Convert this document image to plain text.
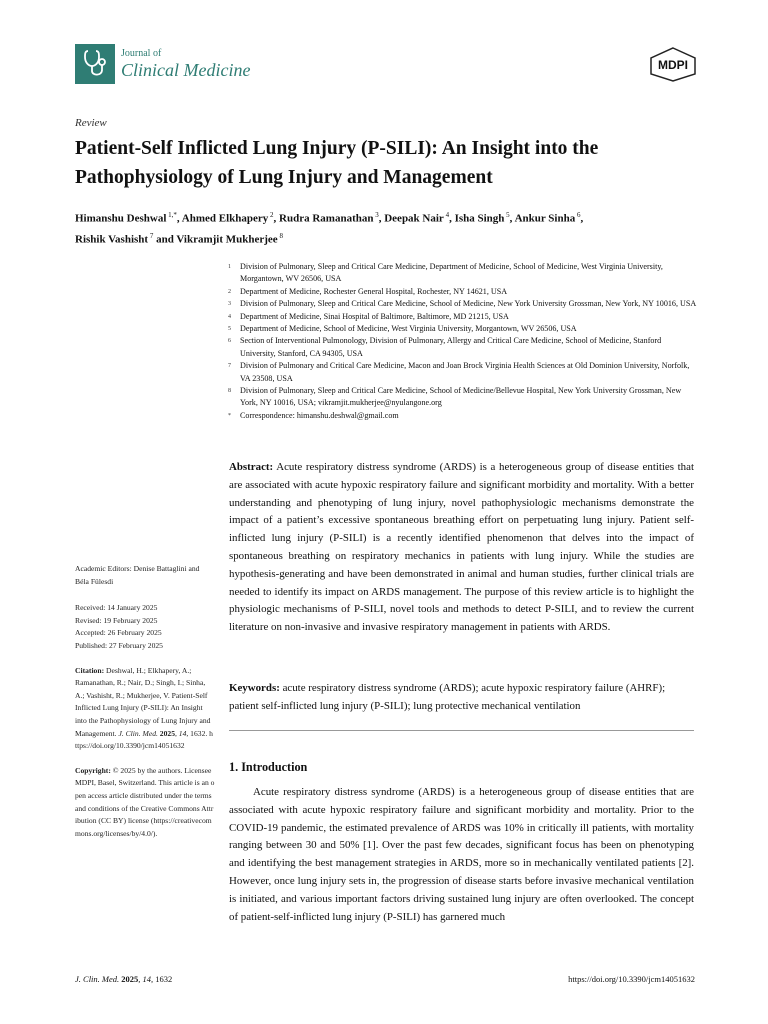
Journal of
Clinical Medicine	MDPI
Review
Patient-Self Inflicted Lung Injury (P-SILI): An Insight into the Pathophysiology of Lung Injury and Management
Himanshu Deshwal $^{1,*}$, Ahmed Elkhapery $^2$, Rudra Ramanathan $^3$, Deepak Nair $^4$, Isha Singh $^5$, Ankur Sinha $^6$,
Rishik Vashisht $^7$ and Vikramjit Mukherjee $^8$
1	Division of Pulmonary, Sleep and Critical Care Medicine, Department of Medicine, School of Medicine, West Virginia University, Morgantown, WV 26506, USA
2	Department of Medicine, Rochester General Hospital, Rochester, NY 14621, USA
3	Division of Pulmonary, Sleep and Critical Care Medicine, School of Medicine, New York University Grossman, New York, NY 10016, USA
4	Department of Medicine, Sinai Hospital of Baltimore, Baltimore, MD 21215, USA
5	Department of Medicine, School of Medicine, West Virginia University, Morgantown, WV 26506, USA
6	Section of Interventional Pulmonology, Division of Pulmonary, Allergy and Critical Care Medicine, School of Medicine, Stanford University, Stanford, CA 94305, USA
7	Division of Pulmonary and Critical Care Medicine, Macon and Joan Brock Virginia Health Sciences at Old Dominion University, Norfolk, VA 23508, USA
8	Division of Pulmonary, Sleep and Critical Care Medicine, School of Medicine/Bellevue Hospital, New York University Grossman, New York, NY 10016, USA; vikramjit.mukherjee@nyulangone.org
*	Correspondence: himanshu.deshwal@gmail.com

Academic Editors: Denise Battaglini and Béla Fülesdi

Received: 14 January 2025

Revised: 19 February 2025

Accepted: 26 February 2025

Published: 27 February 2025

Citation: Deshwal, H.; Elkhapery, A.; Ramanathan, R.; Nair, D.; Singh, I.; Sinha, A.; Vashisht, R.; Mukherjee, V. Patient-Self Inflicted Lung Injury (P-SILI): An Insight into the Pathophysiology of Lung Injury and Management. J. Clin. Med. 2025, 14, 1632. https://doi.org/10.3390/jcm14051632

Copyright: © 2025 by the authors. Licensee MDPI, Basel, Switzerland. This article is an open access article distributed under the terms and conditions of the Creative Commons Attribution (CC BY) license (https://creativecommons.org/licenses/by/4.0/).

Abstract: Acute respiratory distress syndrome (ARDS) is a heterogeneous group of disease entities that are associated with acute hypoxic respiratory failure and significant morbidity and mortality. With a better understanding and phenotyping of lung injury, novel pathophysiologic mechanisms demonstrate the impact of a patient’s excessive spontaneous breathing effort on perpetuating lung injury. Patient self-inflicted lung injury (P-SILI) is a recently identified phenomenon that delves into the impact of spontaneous breathing on respiratory mechanics in patients with lung injury. While the studies are hypothesis-generating and have been demonstrated in animal and human studies, further clinical trials are needed to identify its impact on ARDS management. The purpose of this review article is to highlight the physiologic mechanisms of P-SILI, novel tools and methods to detect P-SILI, and to review the current literature on non-invasive and invasive respiratory management in patients with ARDS.

Keywords: acute respiratory distress syndrome (ARDS); acute hypoxic respiratory failure (AHRF); patient self-inflicted lung injury (P-SILI); lung protective mechanical ventilation

1. Introduction

Acute respiratory distress syndrome (ARDS) is a heterogeneous group of disease entities that are associated with acute hypoxic respiratory failure and significant morbidity and mortality. Prior to the COVID-19 pandemic, the estimated prevalence of ARDS was 10% in critically ill patients, with mortality ranging between 30 and 50% [1]. Over the past few decades, significant focus has been on phenotyping and identifying the best management strategies in ARDS, more so in mechanically ventilated patients [2]. However, once lung injury sets in, the progression of disease starts before invasive mechanical ventilation is initiated, and various important factors driving sustained lung injury are often overlooked. The concept of patient-self-inflicted lung injury (P-SILI) has garnered much

J. Clin. Med. 2025, 14, 1632	https://doi.org/10.3390/jcm14051632
